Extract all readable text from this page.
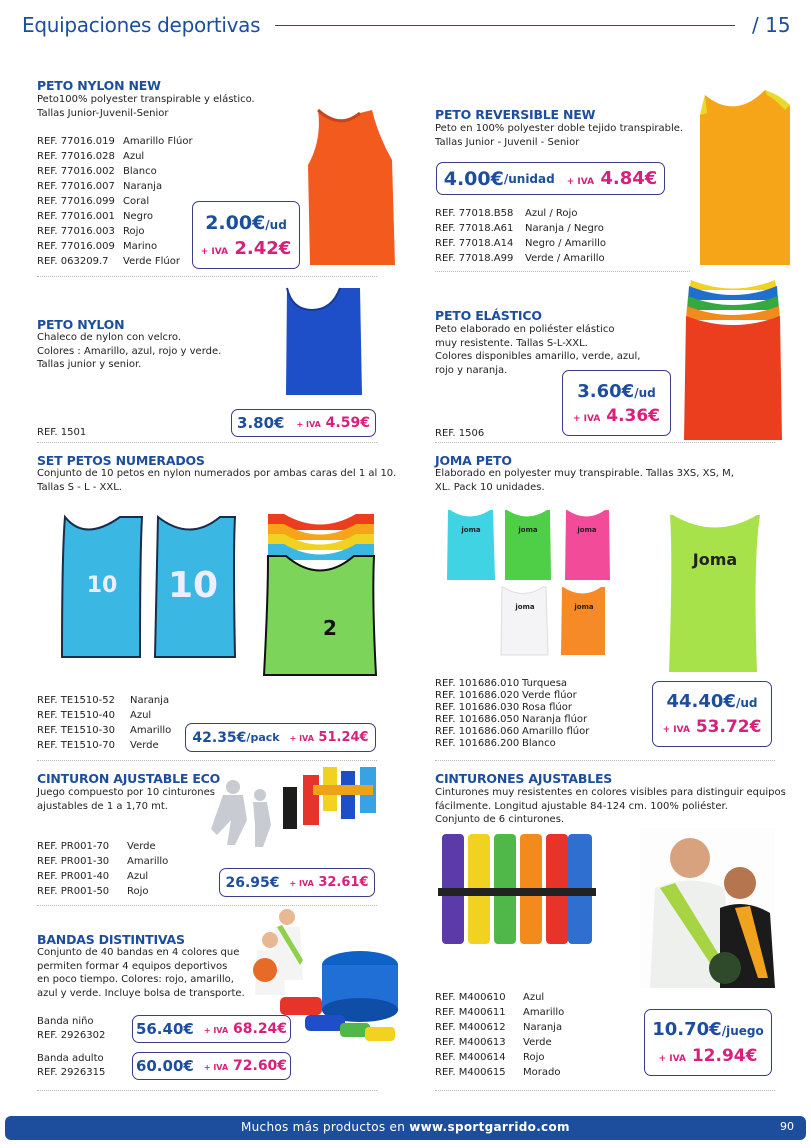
Equipaciones deportivas	/ 15
PETO NYLON NEW
Peto100% polyester transpirable y elástico.
Tallas Junior-Juvenil-Senior
REF. 77016.019 Amarillo Flúor
REF. 77016.028 Azul
REF. 77016.002 Blanco
REF. 77016.007 Naranja
REF. 77016.099 Coral
REF. 77016.001 Negro
REF. 77016.003 Rojo
REF. 77016.009 Marino
REF. 063209.7	Verde Flúor
2.00€/ud
+ IVA 2.42€
PETO REVERSIBLE NEW
Peto en 100% polyester doble tejido transpirable.
Tallas Junior - Juvenil - Senior
4.00€ /unidad + IVA 4.84€
REF. 77018.B58	Azul / Rojo
REF. 77018.A61	Naranja / Negro
REF. 77018.A14	Negro / Amarillo
REF. 77018.A99	Verde / Amarillo
PETO NYLON
Chaleco de nylon con velcro.
Colores : Amarillo, azul, rojo y verde.
Tallas junior y senior.
REF. 1501
3.80€ + IVA 4.59€
PETO ELÁSTICO
Peto elaborado en poliéster elástico
muy resistente. Tallas S-L-XXL.
Colores disponibles amarillo, verde, azul,
rojo y naranja.
REF. 1506
3.60€/ud
+ IVA 4.36€
SET PETOS NUMERADOS
Conjunto de 10 petos en nylon numerados por ambas caras del 1 al 10.
Tallas S - L - XXL.
10 10
2
REF. TE1510-52	Naranja
REF. TE1510-40	Azul
REF. TE1510-30	Amarillo
REF. TE1510-70	Verde 42.35€ /pack + IVA 51.24€
JOMA PETO
Elaborado en polyester muy transpirable. Tallas 3XS, XS, M,
XL. Pack 10 unidades.
joma	joma	joma
joma	joma
Joma
REF. 101686.010 Turquesa
REF. 101686.020 Verde flúor
REF. 101686.030 Rosa flúor
REF. 101686.050 Naranja flúor
REF. 101686.060 Amarillo flúor
REF. 101686.200 Blanco
44.40€/ud
+ IVA 53.72€
CINTURON AJUSTABLE ECO
Juego compuesto por 10 cinturones
ajustables de 1 a 1,70 mt.
REF. PR001-70	Verde
REF. PR001-30	Amarillo
REF. PR001-40	Azul
REF. PR001-50	Rojo
26.95€ + IVA 32.61€
CINTURONES AJUSTABLES
Cinturones muy resistentes en colores visibles para distinguir equipos
fácilmente. Longitud ajustable 84-124 cm. 100% poliéster.
Conjunto de 6 cinturones.
REF. M400610	Azul
REF. M400611	Amarillo
REF. M400612	Naranja
REF. M400613	Verde
REF. M400614	Rojo
REF. M400615	Morado
10.70€/juego
+ IVA 12.94€
BANDAS DISTINTIVAS
Conjunto de 40 bandas en 4 colores que
permiten formar 4 equipos deportivos
en poco tiempo. Colores: rojo, amarillo,
azul y verde. Incluye bolsa de transporte.
Banda niño
REF. 2926302 56.40€ + IVA 68.24€
Banda adulto
REF. 2926315 60.00€ + IVA 72.60€
Muchos más productos en www.sportgarrido.com	90
